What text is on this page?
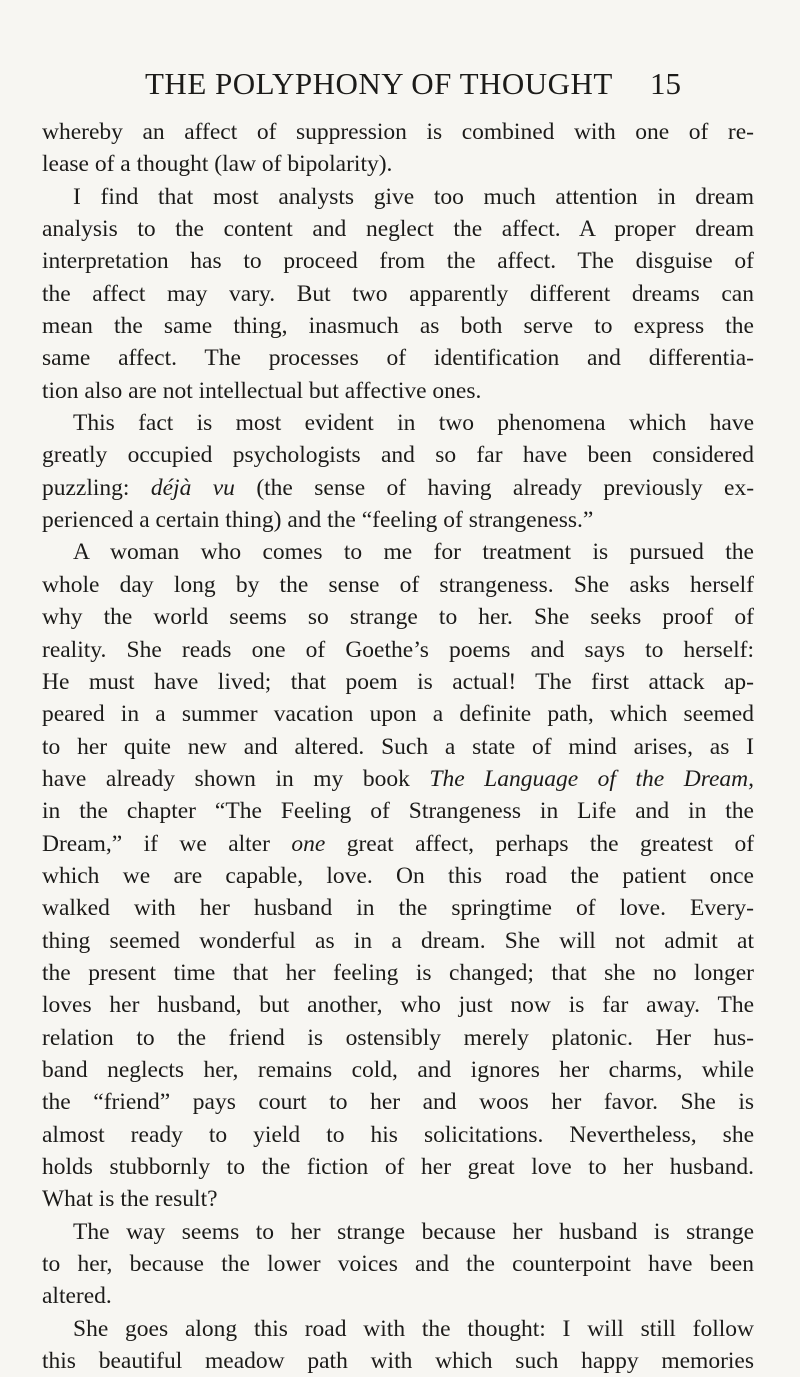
THE POLYPHONY OF THOUGHT 15
whereby an affect of suppression is combined with one of re-
lease of a thought (law of bipolarity).
I find that most analysts give too much attention in dream
analysis to the content and neglect the affect. A proper dream
interpretation has to proceed from the affect. The disguise of
the affect may vary. But two apparently different dreams can
mean the same thing, inasmuch as both serve to express the
same affect. The processes of identification and differentia-
tion also are not intellectual but affective ones.
This fact is most evident in two phenomena which have
greatly occupied psychologists and so far have been considered
puzzling: déjà vu (the sense of having already previously ex-
perienced a certain thing) and the “feeling of strangeness.”
A woman who comes to me for treatment is pursued the
whole day long by the sense of strangeness. She asks herself
why the world seems so strange to her. She seeks proof of
reality. She reads one of Goethe’s poems and says to herself:
He must have lived; that poem is actual! The first attack ap-
peared in a summer vacation upon a definite path, which seemed
to her quite new and altered. Such a state of mind arises, as I
have already shown in my book The Language of the Dream,
in the chapter “The Feeling of Strangeness in Life and in the
Dream,” if we alter one great affect, perhaps the greatest of
which we are capable, love. On this road the patient once
walked with her husband in the springtime of love. Every-
thing seemed wonderful as in a dream. She will not admit at
the present time that her feeling is changed; that she no longer
loves her husband, but another, who just now is far away. The
relation to the friend is ostensibly merely platonic. Her hus-
band neglects her, remains cold, and ignores her charms, while
the “friend” pays court to her and woos her favor. She is
almost ready to yield to his solicitations. Nevertheless, she
holds stubbornly to the fiction of her great love to her husband.
What is the result?
The way seems to her strange because her husband is strange
to her, because the lower voices and the counterpoint have been
altered.
She goes along this road with the thought: I will still follow
this beautiful meadow path with which such happy memories
